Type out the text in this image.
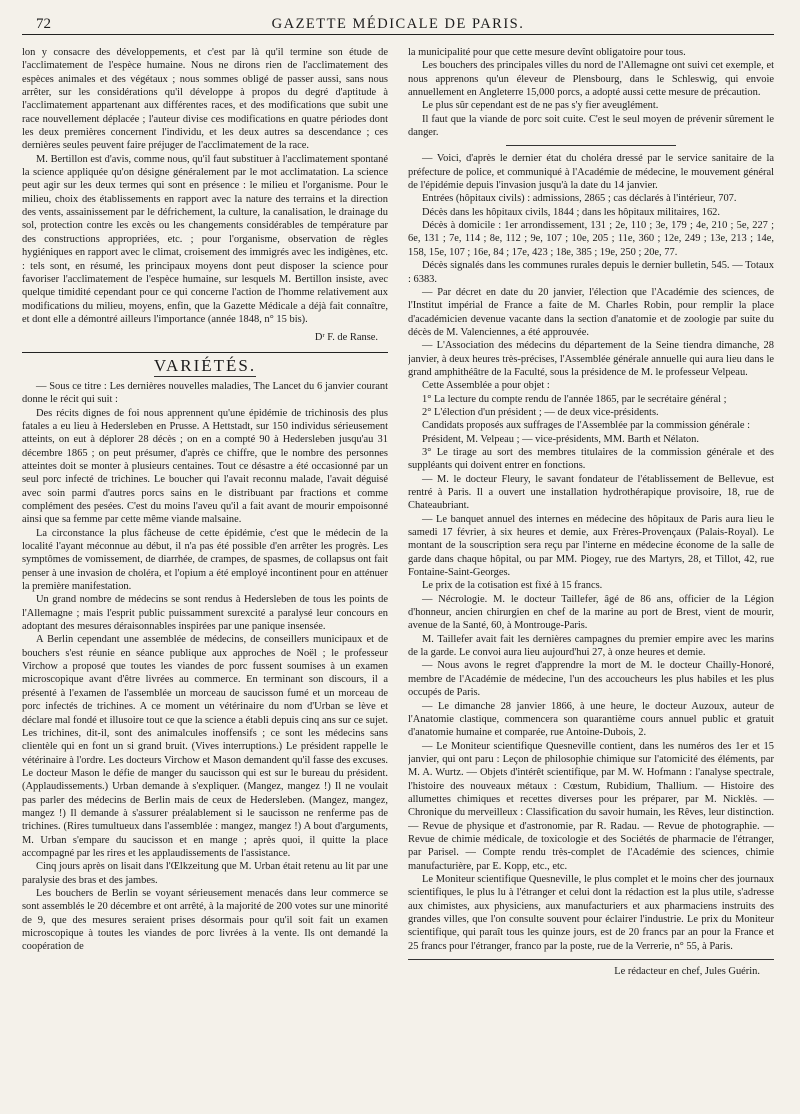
72	GAZETTE MÉDICALE DE PARIS.

lon y consacre des développements, et c'est par là qu'il termine son étude de l'acclimatement de l'espèce humaine. Nous ne dirons rien de l'acclimatement des espèces animales et des végétaux ; nous sommes obligé de passer aussi, sans nous arrêter, sur les considérations qu'il développe à propos du degré d'aptitude à l'acclimatement appartenant aux différentes races, et des modifications que subit une race nouvellement déplacée ; l'auteur divise ces modifications en quatre périodes dont les deux premières concernent l'individu, et les deux autres sa descendance ; ces dernières seules peuvent faire préjuger de l'acclimatement de la race.

M. Bertillon est d'avis, comme nous, qu'il faut substituer à l'acclimatement spontané la science appliquée qu'on désigne généralement par le mot acclimatation. La science peut agir sur les deux termes qui sont en présence : le milieu et l'organisme. Pour le milieu, choix des établissements en rapport avec la nature des terrains et la direction des vents, assainissement par le défrichement, la culture, la canalisation, le drainage du sol, protection contre les excès ou les changements considérables de température par des constructions appropriées, etc. ; pour l'organisme, observation de règles hygiéniques en rapport avec le climat, croisement des immigrés avec les indigènes, etc. : tels sont, en résumé, les principaux moyens dont peut disposer la science pour favoriser l'acclimatement de l'espèce humaine, sur lesquels M. Bertillon insiste, avec quelque timidité cependant pour ce qui concerne l'action de l'homme relativement aux modifications du milieu, moyens, enfin, que la Gazette Médicale a déjà fait connaître, et dont elle a démontré ailleurs l'importance (année 1848, n° 15 bis).

Dʳ F. de Ranse.
VARIÉTÉS.

— Sous ce titre : Les dernières nouvelles maladies, The Lancet du 6 janvier courant donne le récit qui suit :

Des récits dignes de foi nous apprennent qu'une épidémie de trichinosis des plus fatales a eu lieu à Hedersleben en Prusse. A Hettstadt, sur 150 individus sérieusement atteints, on eut à déplorer 28 décès ; on en a compté 90 à Hedersleben jusqu'au 31 décembre 1865 ; on peut présumer, d'après ce chiffre, que le nombre des personnes atteintes doit se monter à plusieurs centaines. Tout ce désastre a été occasionné par un seul porc infecté de trichines. Le boucher qui l'avait reconnu malade, l'avait déguisé avec soin parmi d'autres porcs sains en le distribuant par fractions et comme complément des pesées. C'est du moins l'aveu qu'il a fait avant de mourir empoisonné ainsi que sa femme par cette même viande malsaine.

La circonstance la plus fâcheuse de cette épidémie, c'est que le médecin de la localité l'ayant méconnue au début, il n'a pas été possible d'en arrêter les progrès. Les symptômes de vomissement, de diarrhée, de crampes, de spasmes, de collapsus ont fait penser à une invasion de choléra, et l'opium a été employé incontinent pour en atténuer la première manifestation.

Un grand nombre de médecins se sont rendus à Hedersleben de tous les points de l'Allemagne ; mais l'esprit public puissamment surexcité a paralysé leur concours en adoptant des mesures déraisonnables inspirées par une panique insensée.

A Berlin cependant une assemblée de médecins, de conseillers municipaux et de bouchers s'est réunie en séance publique aux approches de Noël ; le professeur Virchow a proposé que toutes les viandes de porc fussent soumises à un examen microscopique avant d'être livrées au commerce. En terminant son discours, il a présenté à l'examen de l'assemblée un morceau de saucisson fumé et un morceau de porc infectés de trichines. A ce moment un vétérinaire du nom d'Urban se lève et déclare mal fondé et illusoire tout ce que la science a établi depuis cinq ans sur ce sujet. Les trichines, dit-il, sont des animalcules inoffensifs ; ce sont les médecins sans clientèle qui en font un si grand bruit. (Vives interruptions.) Le président rappelle le vétérinaire à l'ordre. Les docteurs Virchow et Mason demandent qu'il fasse des excuses. Le docteur Mason le défie de manger du saucisson qui est sur le bureau du président. (Applaudissements.) Urban demande à s'expliquer. (Mangez, mangez !) Il ne voulait pas parler des médecins de Berlin mais de ceux de Hedersleben. (Mangez, mangez, mangez !) Il demande à s'assurer préalablement si le saucisson ne renferme pas de trichines. (Rires tumultueux dans l'assemblée : mangez, mangez !) A bout d'arguments, M. Urban s'empare du saucisson et en mange ; après quoi, il quitte la place accompagné par les rires et les applaudissements de l'assistance.

Cinq jours après on lisait dans l'Œlkzeitung que M. Urban était retenu au lit par une paralysie des bras et des jambes.

Les bouchers de Berlin se voyant sérieusement menacés dans leur commerce se sont assemblés le 20 décembre et ont arrêté, à la majorité de 200 votes sur une minorité de 9, que des mesures seraient prises désormais pour qu'il soit fait un examen microscopique à toutes les viandes de porc livrées à la vente. Ils ont demandé la coopération de

la municipalité pour que cette mesure devînt obligatoire pour tous.

Les bouchers des principales villes du nord de l'Allemagne ont suivi cet exemple, et nous apprenons qu'un éleveur de Plensbourg, dans le Schleswig, qui envoie annuellement en Angleterre 15,000 porcs, a adopté aussi cette mesure de précaution.

Le plus sûr cependant est de ne pas s'y fier aveuglément.

Il faut que la viande de porc soit cuite. C'est le seul moyen de prévenir sûrement le danger.

— Voici, d'après le dernier état du choléra dressé par le service sanitaire de la préfecture de police, et communiqué à l'Académie de médecine, le mouvement général de l'épidémie depuis l'invasion jusqu'à la date du 14 janvier.

Entrées (hôpitaux civils) : admissions, 2865 ; cas déclarés à l'intérieur, 707.

Décès dans les hôpitaux civils, 1844 ; dans les hôpitaux militaires, 162.

Décès à domicile : 1er arrondissement, 131 ; 2e, 110 ; 3e, 179 ; 4e, 210 ; 5e, 227 ; 6e, 131 ; 7e, 114 ; 8e, 112 ; 9e, 107 ; 10e, 205 ; 11e, 360 ; 12e, 249 ; 13e, 213 ; 14e, 158, 15e, 107 ; 16e, 84 ; 17e, 423 ; 18e, 385 ; 19e, 250 ; 20e, 77.

Décès signalés dans les communes rurales depuis le dernier bulletin, 545. — Totaux : 6383.

— Par décret en date du 20 janvier, l'élection que l'Académie des sciences, de l'Institut impérial de France a faite de M. Charles Robin, pour remplir la place d'académicien devenue vacante dans la section d'anatomie et de zoologie par suite du décès de M. Valenciennes, a été approuvée.

— L'Association des médecins du département de la Seine tiendra dimanche, 28 janvier, à deux heures très-précises, l'Assemblée générale annuelle qui aura lieu dans le grand amphithéâtre de la Faculté, sous la présidence de M. le professeur Velpeau.

Cette Assemblée a pour objet :

1° La lecture du compte rendu de l'année 1865, par le secrétaire général ;

2° L'élection d'un président ; — de deux vice-présidents.

Candidats proposés aux suffrages de l'Assemblée par la commission générale :

Président, M. Velpeau ; — vice-présidents, MM. Barth et Nélaton.

3° Le tirage au sort des membres titulaires de la commission générale et des suppléants qui doivent entrer en fonctions.

— M. le docteur Fleury, le savant fondateur de l'établissement de Bellevue, est rentré à Paris. Il a ouvert une installation hydrothérapique provisoire, 18, rue de Chateaubriant.

— Le banquet annuel des internes en médecine des hôpitaux de Paris aura lieu le samedi 17 février, à six heures et demie, aux Frères-Provençaux (Palais-Royal). Le montant de la souscription sera reçu par l'interne en médecine économe de la salle de garde dans chaque hôpital, ou par MM. Piogey, rue des Martyrs, 28, et Tillot, 42, rue Fontaine-Saint-Georges.

Le prix de la cotisation est fixé à 15 francs.

— Nécrologie. M. le docteur Taillefer, âgé de 86 ans, officier de la Légion d'honneur, ancien chirurgien en chef de la marine au port de Brest, vient de mourir, avenue de la Santé, 60, à Montrouge-Paris.

M. Taillefer avait fait les dernières campagnes du premier empire avec les marins de la garde. Le convoi aura lieu aujourd'hui 27, à onze heures et demie.

— Nous avons le regret d'apprendre la mort de M. le docteur Chailly-Honoré, membre de l'Académie de médecine, l'un des accoucheurs les plus habiles et les plus occupés de Paris.

— Le dimanche 28 janvier 1866, à une heure, le docteur Auzoux, auteur de l'Anatomie clastique, commencera son quarantième cours annuel public et gratuit d'anatomie humaine et comparée, rue Antoine-Dubois, 2.

— Le Moniteur scientifique Quesneville contient, dans les numéros des 1er et 15 janvier, qui ont paru : Leçon de philosophie chimique sur l'atomicité des éléments, par M. A. Wurtz. — Objets d'intérêt scientifique, par M. W. Hofmann : l'analyse spectrale, l'histoire des nouveaux métaux : Cœstum, Rubidium, Thallium. — Histoire des allumettes chimiques et recettes diverses pour les préparer, par M. Nicklès. — Chronique du merveilleux : Classification du savoir humain, les Rêves, leur distinction. — Revue de physique et d'astronomie, par R. Radau. — Revue de photographie. — Revue de chimie médicale, de toxicologie et des Sociétés de pharmacie de l'étranger, par Parisel. — Compte rendu très-complet de l'Académie des sciences, chimie manufacturière, par E. Kopp, etc., etc.

Le Moniteur scientifique Quesneville, le plus complet et le moins cher des journaux scientifiques, le plus lu à l'étranger et celui dont la rédaction est la plus utile, s'adresse aux chimistes, aux physiciens, aux manufacturiers et aux pharmaciens instruits des grandes villes, que l'on consulte souvent pour éclairer l'industrie. Le prix du Moniteur scientifique, qui paraît tous les quinze jours, est de 20 francs par an pour la France et 25 francs pour l'étranger, franco par la poste, rue de la Verrerie, n° 55, à Paris.

Le rédacteur en chef, Jules Guérin.
